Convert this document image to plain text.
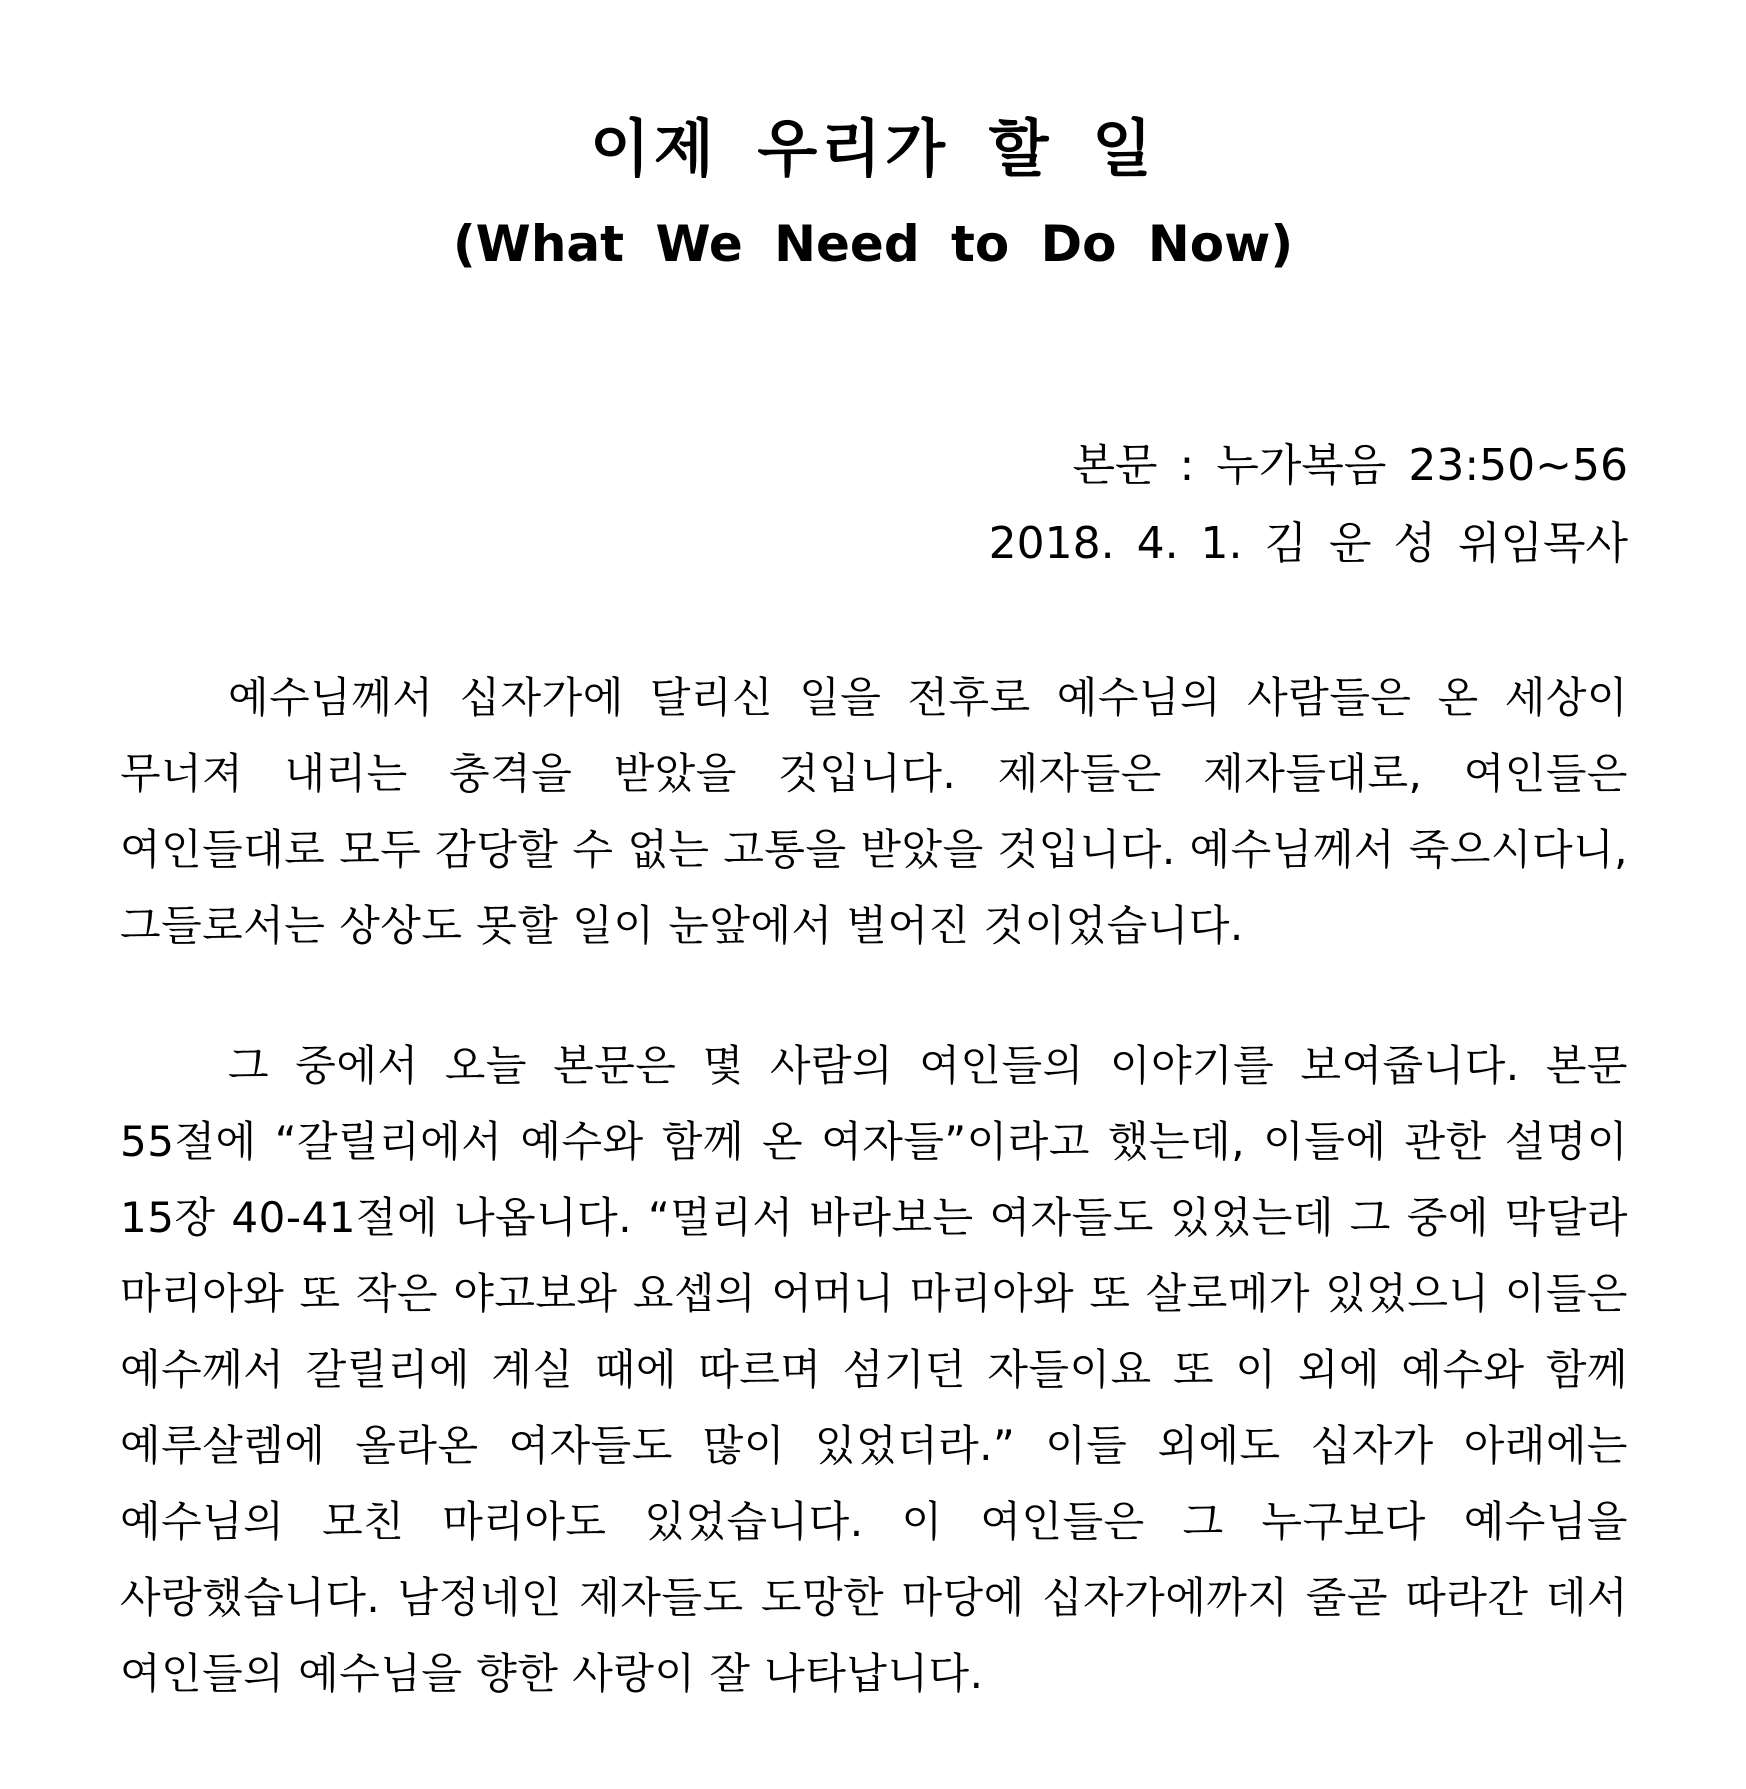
이제 우리가 할 일
(What We Need to Do Now)
본문 : 누가복음 23:50~56
2018. 4. 1. 김 운 성 위임목사

예수님께서 십자가에 달리신 일을 전후로 예수님의 사람들은 온 세상이 무너져 내리는 충격을 받았을 것입니다. 제자들은 제자들대로, 여인들은 여인들대로 모두 감당할 수 없는 고통을 받았을 것입니다. 예수님께서 죽으시다니, 그들로서는 상상도 못할 일이 눈앞에서 벌어진 것이었습니다.

그 중에서 오늘 본문은 몇 사람의 여인들의 이야기를 보여줍니다. 본문 55절에 “갈릴리에서 예수와 함께 온 여자들”이라고 했는데, 이들에 관한 설명이 15장 40-41절에 나옵니다. “멀리서 바라보는 여자들도 있었는데 그 중에 막달라 마리아와 또 작은 야고보와 요셉의 어머니 마리아와 또 살로메가 있었으니 이들은 예수께서 갈릴리에 계실 때에 따르며 섬기던 자들이요 또 이 외에 예수와 함께 예루살렘에 올라온 여자들도 많이 있었더라.” 이들 외에도 십자가 아래에는 예수님의 모친 마리아도 있었습니다. 이 여인들은 그 누구보다 예수님을 사랑했습니다. 남정네인 제자들도 도망한 마당에 십자가에까지 줄곧 따라간 데서 여인들의 예수님을 향한 사랑이 잘 나타납니다.
